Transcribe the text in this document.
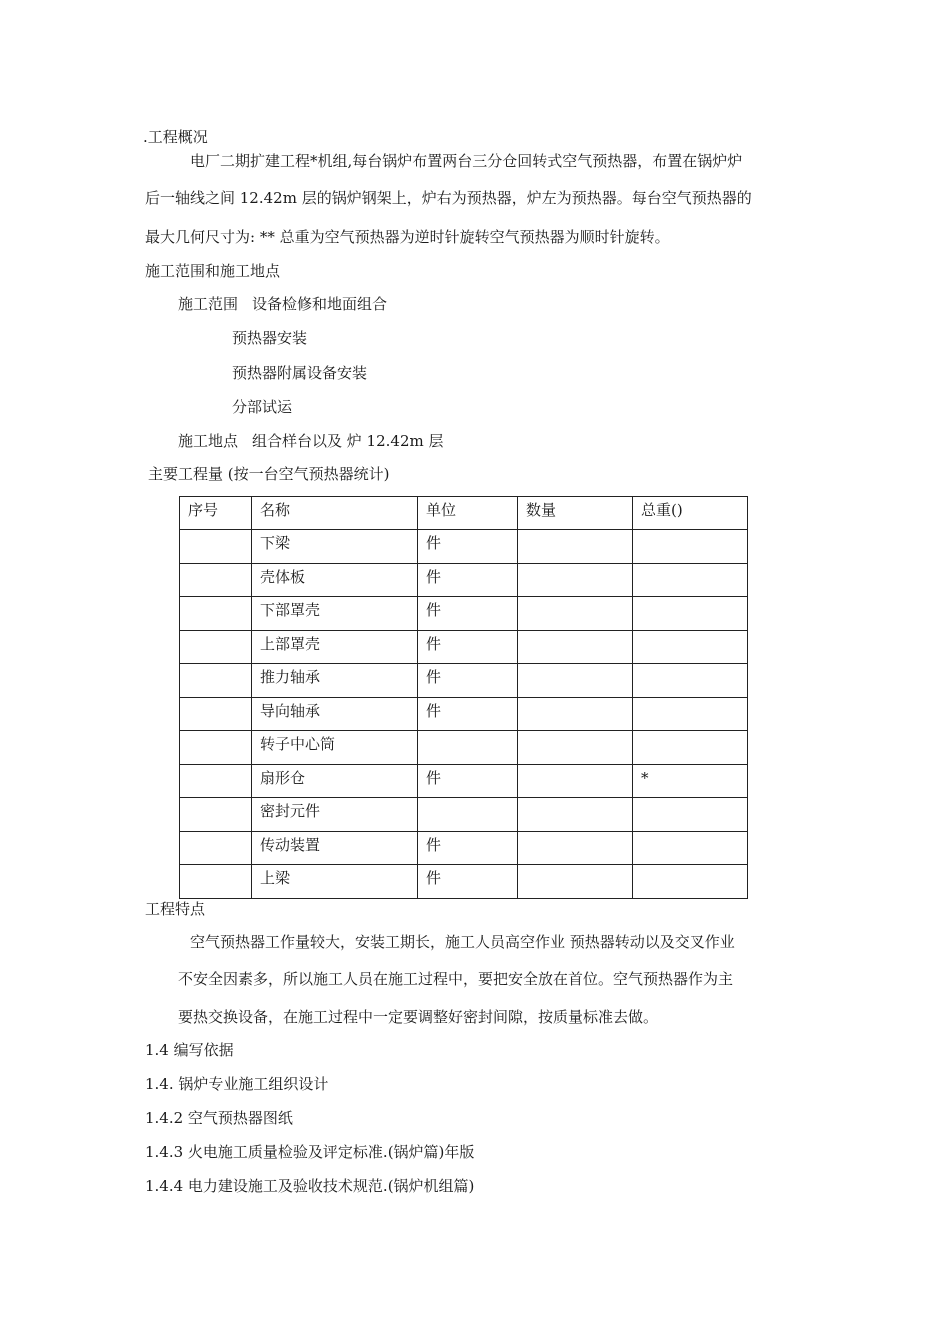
.工程概况
电厂二期扩建工程*机组,每台锅炉布置两台三分仓回转式空气预热器，布置在锅炉炉
后一轴线之间 12.42m 层的锅炉钢架上，炉右为预热器，炉左为预热器。每台空气预热器的
最大几何尺寸为: ** 总重为空气预热器为逆时针旋转空气预热器为顺时针旋转。
施工范围和施工地点
施工范围 设备检修和地面组合
预热器安装
预热器附属设备安装
分部试运
施工地点 组合样台以及 炉 12.42m 层
主要工程量 (按一台空气预热器统计)
序号	名称	单位	数量	总重()
	下梁	件		
	壳体板	件		
	下部罩壳	件		
	上部罩壳	件		
	推力轴承	件		
	导向轴承	件		
	转子中心筒			
	扇形仓	件		*
	密封元件			
	传动装置	件		
	上梁	件		
工程特点
空气预热器工作量较大，安装工期长，施工人员高空作业 预热器转动以及交叉作业
不安全因素多，所以施工人员在施工过程中，要把安全放在首位。空气预热器作为主
要热交换设备，在施工过程中一定要调整好密封间隙，按质量标准去做。
1.4 编写依据
1.4. 锅炉专业施工组织设计
1.4.2 空气预热器图纸
1.4.3 火电施工质量检验及评定标准.(锅炉篇)年版
1.4.4 电力建设施工及验收技术规范.(锅炉机组篇)
